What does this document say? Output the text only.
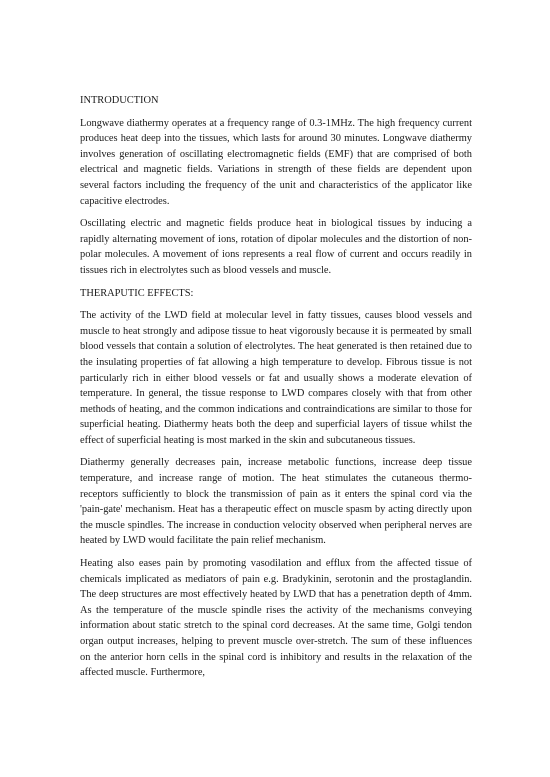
INTRODUCTION

Longwave diathermy operates at a frequency range of 0.3-1MHz. The high frequency current produces heat deep into the tissues, which lasts for around 30 minutes. Longwave diathermy involves generation of oscillating electromagnetic fields (EMF) that are comprised of both electrical and magnetic fields. Variations in strength of these fields are dependent upon several factors including the frequency of the unit and characteristics of the applicator like capacitive electrodes.

Oscillating electric and magnetic fields produce heat in biological tissues by inducing a rapidly alternating movement of ions, rotation of dipolar molecules and the distortion of non-polar molecules. A movement of ions represents a real flow of current and occurs readily in tissues rich in electrolytes such as blood vessels and muscle.

THERAPUTIC EFFECTS:

The activity of the LWD field at molecular level in fatty tissues, causes blood vessels and muscle to heat strongly and adipose tissue to heat vigorously because it is permeated by small blood vessels that contain a solution of electrolytes. The heat generated is then retained due to the insulating properties of fat allowing a high temperature to develop. Fibrous tissue is not particularly rich in either blood vessels or fat and usually shows a moderate elevation of temperature. In general, the tissue response to LWD compares closely with that from other methods of heating, and the common indications and contraindications are similar to those for superficial heating. Diathermy heats both the deep and superficial layers of tissue whilst the effect of superficial heating is most marked in the skin and subcutaneous tissues.

Diathermy generally decreases pain, increase metabolic functions, increase deep tissue temperature, and increase range of motion. The heat stimulates the cutaneous thermo-receptors sufficiently to block the transmission of pain as it enters the spinal cord via the 'pain-gate' mechanism. Heat has a therapeutic effect on muscle spasm by acting directly upon the muscle spindles. The increase in conduction velocity observed when peripheral nerves are heated by LWD would facilitate the pain relief mechanism.

Heating also eases pain by promoting vasodilation and efflux from the affected tissue of chemicals implicated as mediators of pain e.g. Bradykinin, serotonin and the prostaglandin. The deep structures are most effectively heated by LWD that has a penetration depth of 4mm. As the temperature of the muscle spindle rises the activity of the mechanisms conveying information about static stretch to the spinal cord decreases. At the same time, Golgi tendon organ output increases, helping to prevent muscle over-stretch. The sum of these influences on the anterior horn cells in the spinal cord is inhibitory and results in the relaxation of the affected muscle. Furthermore,
